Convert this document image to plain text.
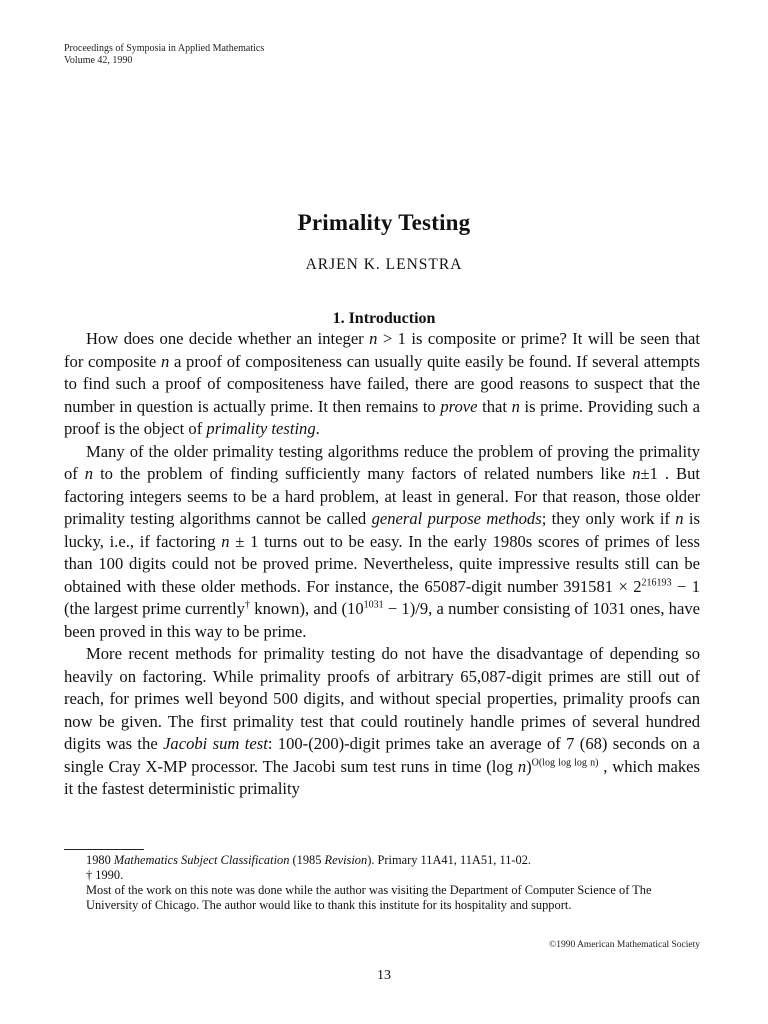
Proceedings of Symposia in Applied Mathematics
Volume 42, 1990
Primality Testing
ARJEN K. LENSTRA
1. Introduction

How does one decide whether an integer n > 1 is composite or prime? It will be seen that for composite n a proof of compositeness can usually quite easily be found. If several attempts to find such a proof of compositeness have failed, there are good reasons to suspect that the number in question is actually prime. It then remains to prove that n is prime. Providing such a proof is the object of primality testing.

Many of the older primality testing algorithms reduce the problem of proving the primality of n to the problem of finding sufficiently many factors of related numbers like n±1 . But factoring integers seems to be a hard problem, at least in general. For that reason, those older primality testing algorithms cannot be called general purpose methods; they only work if n is lucky, i.e., if factoring n ± 1 turns out to be easy. In the early 1980s scores of primes of less than 100 digits could not be proved prime. Nevertheless, quite impressive results still can be obtained with these older methods. For instance, the 65087-digit number $391581 \times 2^{216193} - 1$ (the largest prime currently† known), and $(10^{1031} - 1)/9$, a number consisting of 1031 ones, have been proved in this way to be prime.

More recent methods for primality testing do not have the disadvantage of depending so heavily on factoring. While primality proofs of arbitrary 65,087-digit primes are still out of reach, for primes well beyond 500 digits, and without special properties, primality proofs can now be given. The first primality test that could routinely handle primes of several hundred digits was the Jacobi sum test: 100-(200)-digit primes take an average of 7 (68) seconds on a single Cray X-MP processor. The Jacobi sum test runs in time (log n)$^{O(log log log n)}$ , which makes it the fastest deterministic primality

1980 Mathematics Subject Classification (1985 Revision). Primary 11A41, 11A51, 11-02.

† 1990.

Most of the work on this note was done while the author was visiting the Department of Computer Science of The University of Chicago. The author would like to thank this institute for its hospitality and support.

©1990 American Mathematical Society
13
